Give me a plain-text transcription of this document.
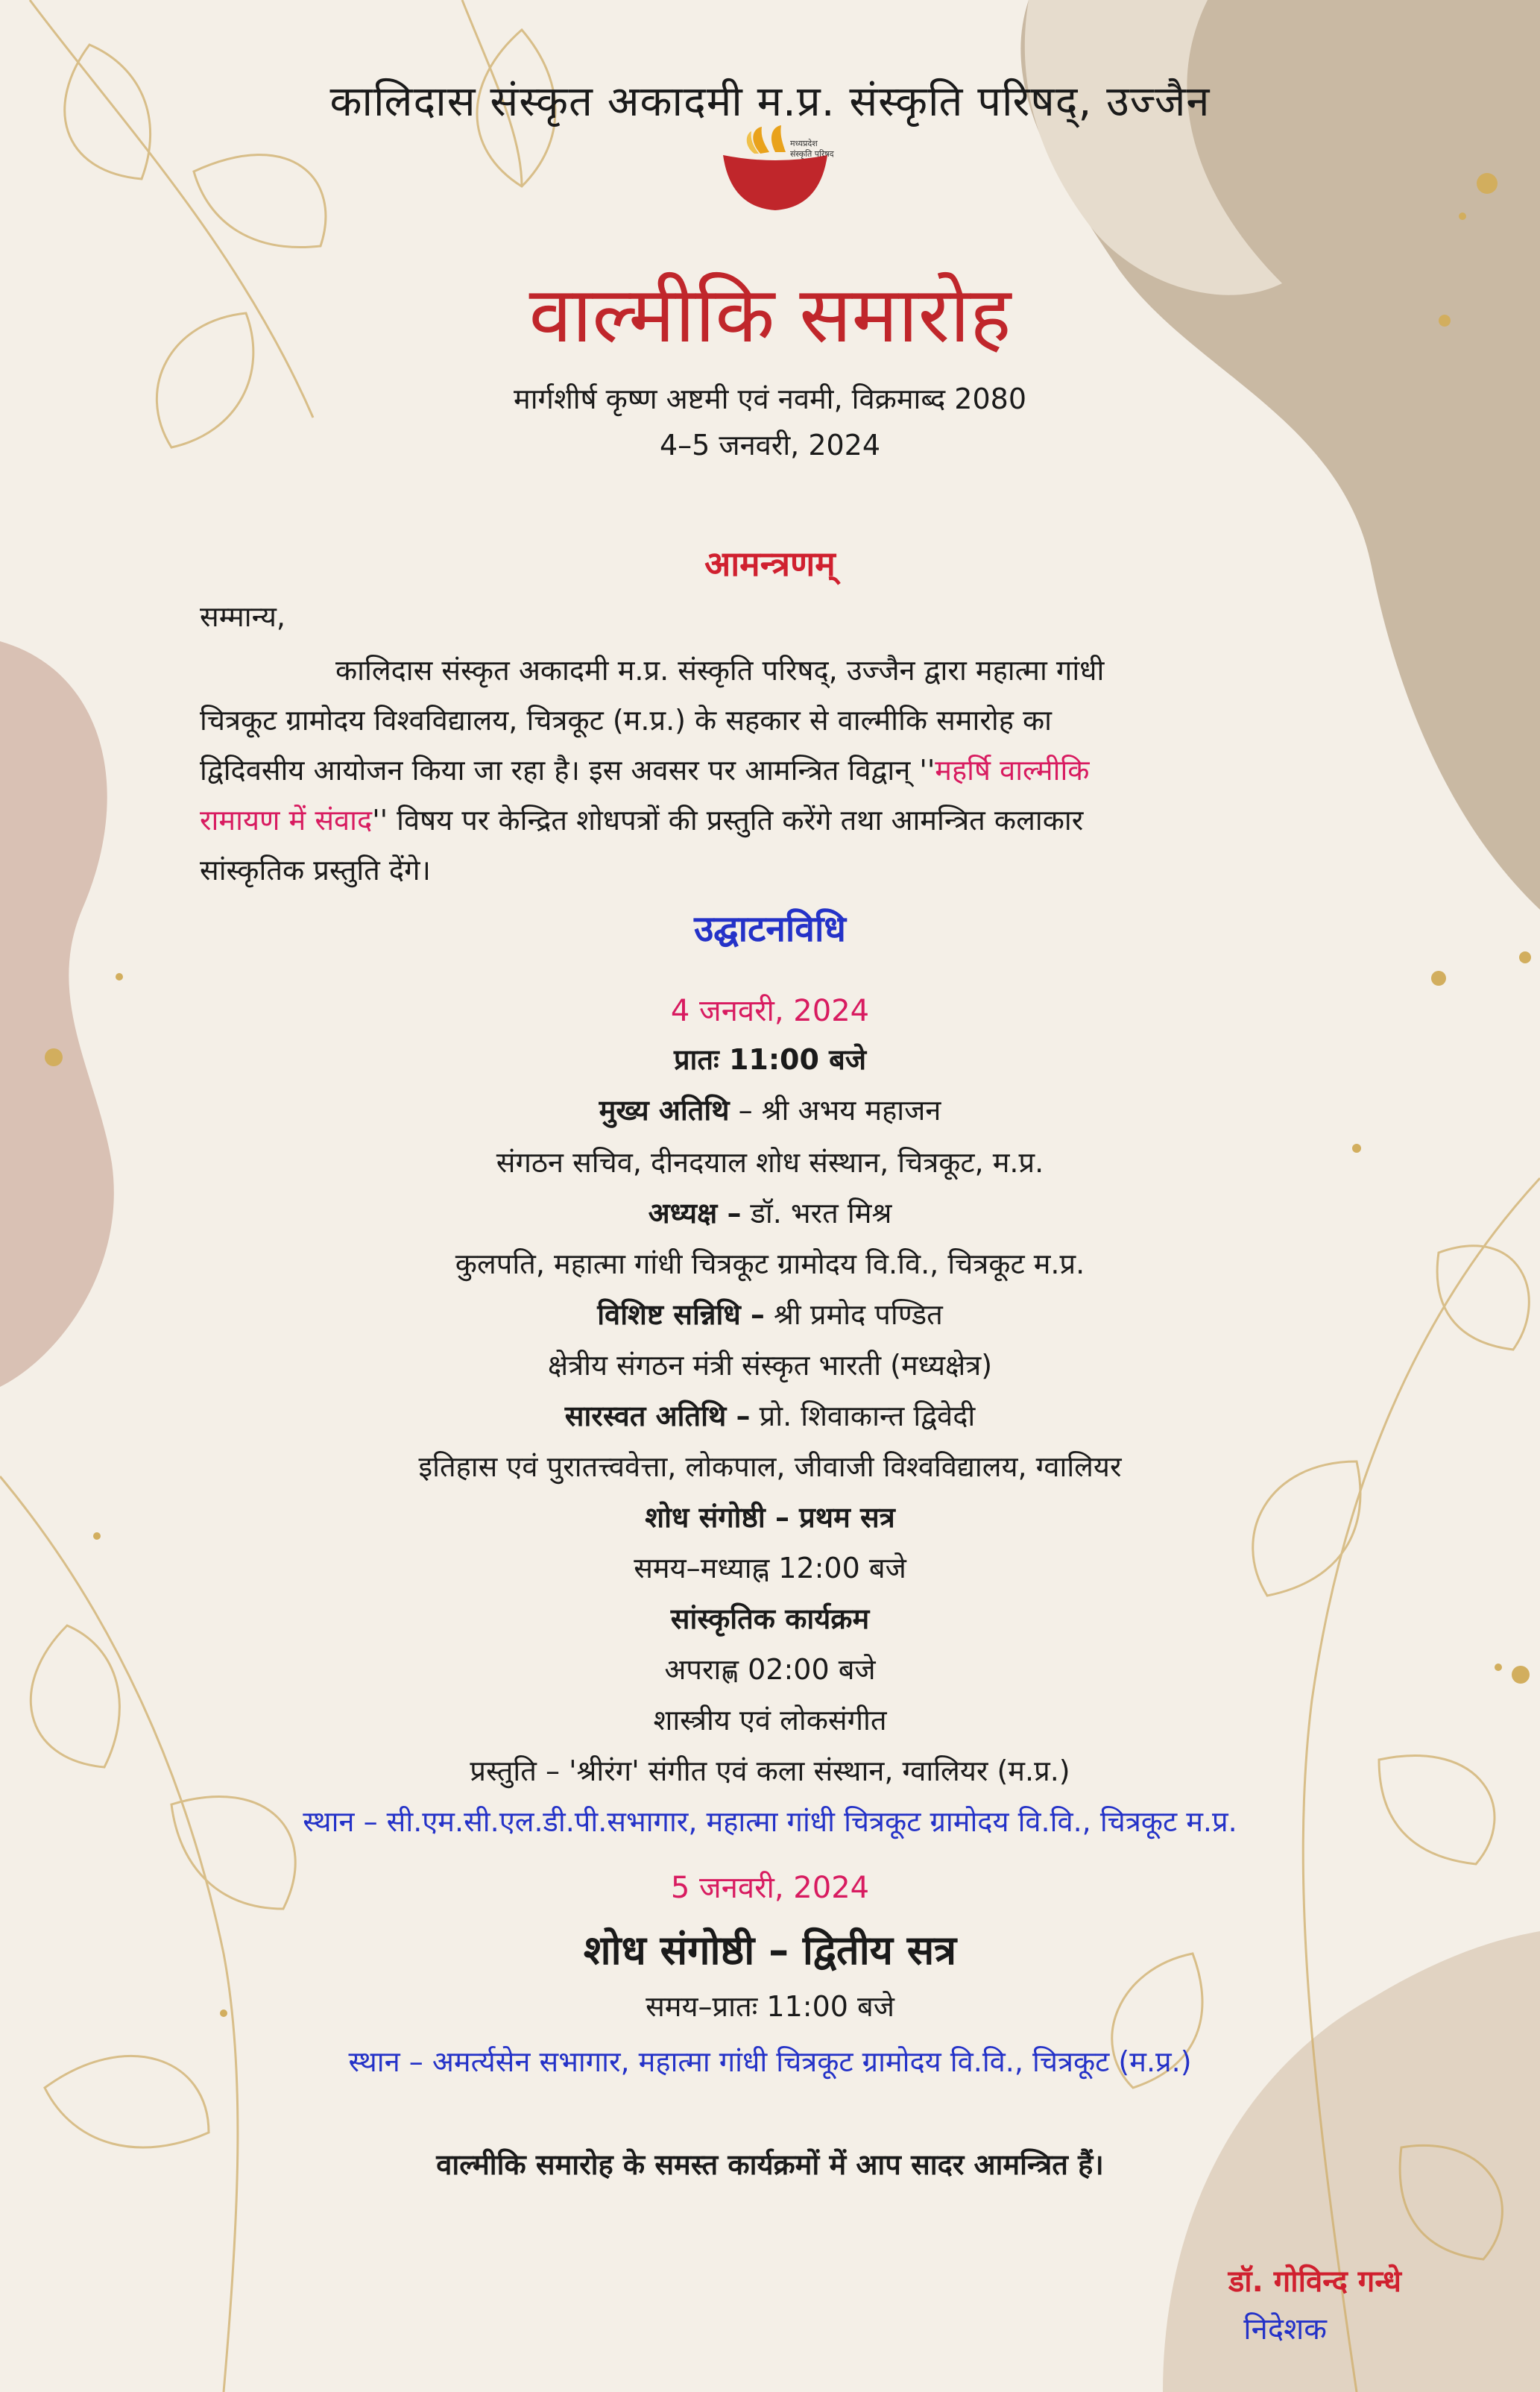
कालिदास संस्कृत अकादमी म.प्र. संस्कृति परिषद्, उज्जैन
मध्यप्रदेश
संस्कृति परिषद
वाल्मीकि समारोह
मार्गशीर्ष कृष्ण अष्टमी एवं नवमी, विक्रमाब्द 2080
4–5 जनवरी, 2024
आमन्त्रणम्
सम्मान्य,
कालिदास संस्कृत अकादमी म.प्र. संस्कृति परिषद्, उज्जैन द्वारा महात्मा गांधी
चित्रकूट ग्रामोदय विश्वविद्यालय, चित्रकूट (म.प्र.) के सहकार से वाल्मीकि समारोह का
द्विदिवसीय आयोजन किया जा रहा है। इस अवसर पर आमन्त्रित विद्वान् ''महर्षि वाल्मीकि
रामायण में संवाद'' विषय पर केन्द्रित शोधपत्रों की प्रस्तुति करेंगे तथा आमन्त्रित कलाकार
सांस्कृतिक प्रस्तुति देंगे।
उद्घाटनविधि
4 जनवरी, 2024
प्रातः 11:00 बजे
मुख्य अतिथि – श्री अभय महाजन
संगठन सचिव, दीनदयाल शोध संस्थान, चित्रकूट, म.प्र.
अध्यक्ष – डॉ. भरत मिश्र
कुलपति, महात्मा गांधी चित्रकूट ग्रामोदय वि.वि., चित्रकूट म.प्र.
विशिष्ट सन्निधि – श्री प्रमोद पण्डित
क्षेत्रीय संगठन मंत्री संस्कृत भारती (मध्यक्षेत्र)
सारस्वत अतिथि – प्रो. शिवाकान्त द्विवेदी
इतिहास एवं पुरातत्त्ववेत्ता, लोकपाल, जीवाजी विश्वविद्यालय, ग्वालियर
शोध संगोष्ठी – प्रथम सत्र
समय–मध्याह्न 12:00 बजे
सांस्कृतिक कार्यक्रम
अपराह्ण 02:00 बजे
शास्त्रीय एवं लोकसंगीत
प्रस्तुति – 'श्रीरंग' संगीत एवं कला संस्थान, ग्वालियर (म.प्र.)
स्थान – सी.एम.सी.एल.डी.पी.सभागार, महात्मा गांधी चित्रकूट ग्रामोदय वि.वि., चित्रकूट म.प्र.
5 जनवरी, 2024
शोध संगोष्ठी – द्वितीय सत्र
समय–प्रातः 11:00 बजे
स्थान – अमर्त्यसेन सभागार, महात्मा गांधी चित्रकूट ग्रामोदय वि.वि., चित्रकूट (म.प्र.)
वाल्मीकि समारोह के समस्त कार्यक्रमों में आप सादर आमन्त्रित हैं।
डॉ. गोविन्द गन्धे
निदेशक
